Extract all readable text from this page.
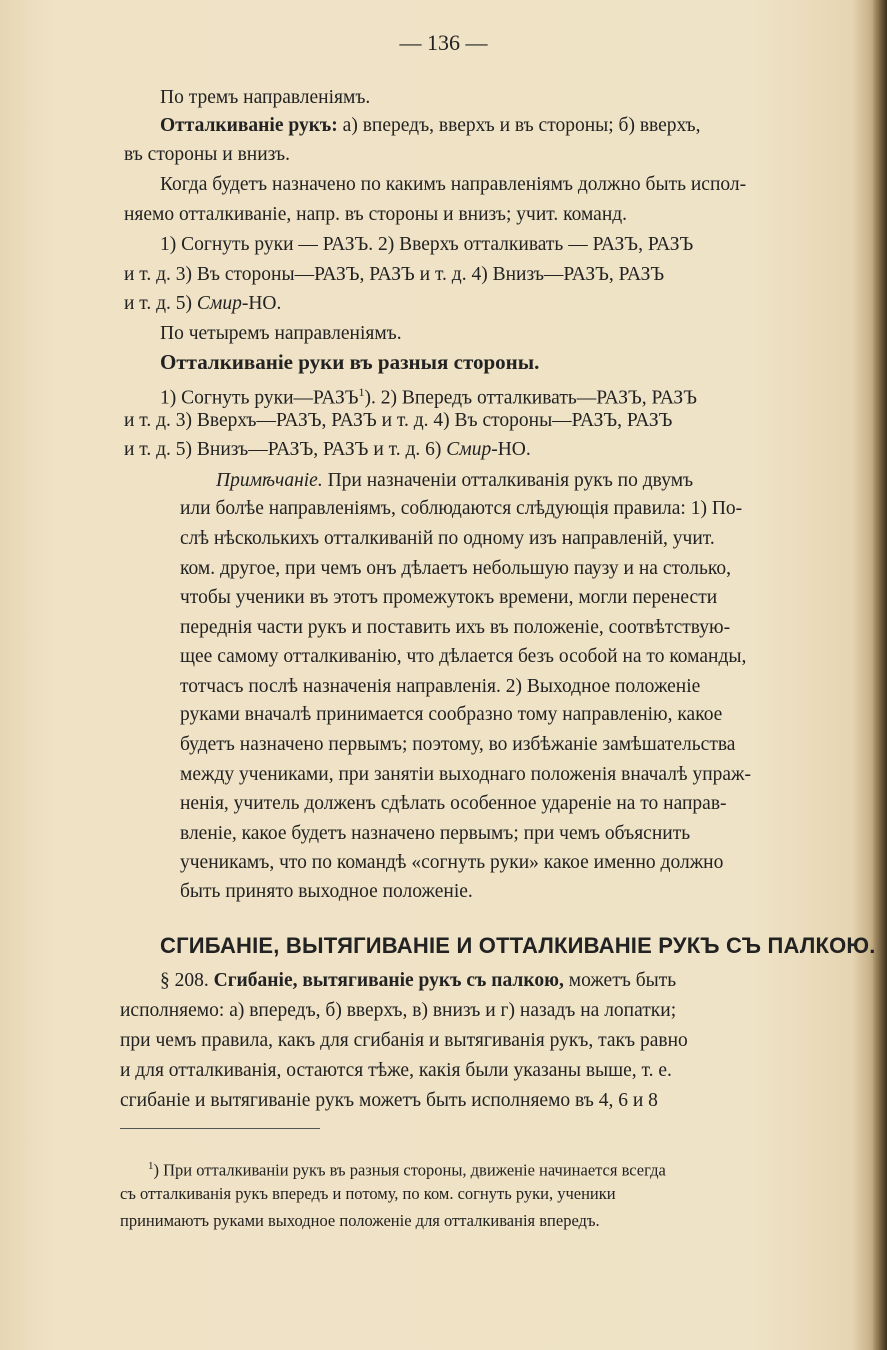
— 136 —
По тремъ направленіямъ.
Отталкиваніе рукъ: а) впередъ, вверхъ и въ стороны; б) вверхъ,
въ стороны и внизъ.
Когда будетъ назначено по какимъ направленіямъ должно быть испол-
няемо отталкиваніе, напр. въ стороны и внизъ; учит. команд.
1) Согнуть руки — РАЗЪ. 2) Вверхъ отталкивать — РАЗЪ, РАЗЪ
и т. д. 3) Въ стороны—РАЗЪ, РАЗЪ и т. д. 4) Внизъ—РАЗЪ, РАЗЪ
и т. д. 5) Смир-НО.
По четыремъ направленіямъ.
Отталкиваніе руки въ разныя стороны.
1) Согнуть руки—РАЗЪ$^1$). 2) Впередъ отталкивать—РАЗЪ, РАЗЪ
и т. д. 3) Вверхъ—РАЗЪ, РАЗЪ и т. д. 4) Въ стороны—РАЗЪ, РАЗЪ
и т. д. 5) Внизъ—РАЗЪ, РАЗЪ и т. д. 6) Смир-НО.
Примѣчаніе. При назначеніи отталкиванія рукъ по двумъ
или болѣе направленіямъ, соблюдаются слѣдующія правила: 1) По-
слѣ нѣсколькихъ отталкиваній по одному изъ направленій, учит.
ком. другое, при чемъ онъ дѣлаетъ небольшую паузу и на столько,
чтобы ученики въ этотъ промежутокъ времени, могли перенести
переднія части рукъ и поставить ихъ въ положеніе, соотвѣтствую-
щее самому отталкиванію, что дѣлается безъ особой на то команды,
тотчасъ послѣ назначенія направленія. 2) Выходное положеніе
руками вначалѣ принимается сообразно тому направленію, какое
будетъ назначено первымъ; поэтому, во избѣжаніе замѣшательства
между учениками, при занятіи выходнаго положенія вначалѣ упраж-
ненія, учитель долженъ сдѣлать особенное удареніе на то направ-
вленіе, какое будетъ назначено первымъ; при чемъ объяснить
ученикамъ, что по командѣ «согнуть руки» какое именно должно
быть принято выходное положеніе.
СГИБАНІЕ, ВЫТЯГИВАНІЕ И ОТТАЛКИВАНІЕ РУКЪ СЪ ПАЛКОЮ.
§ 208. Сгибаніе, вытягиваніе рукъ съ палкою, можетъ быть
исполняемо: а) впередъ, б) вверхъ, в) внизъ и г) назадъ на лопатки;
при чемъ правила, какъ для сгибанія и вытягиванія рукъ, такъ равно
и для отталкиванія, остаются тѣже, какія были указаны выше, т. е.
сгибаніе и вытягиваніе рукъ можетъ быть исполняемо въ 4, 6 и 8
$^1$) При отталкиваніи рукъ въ разныя стороны, движеніе начинается всегда
съ отталкиванія рукъ впередъ и потому, по ком. согнуть руки, ученики
принимаютъ руками выходное положеніе для отталкиванія впередъ.
